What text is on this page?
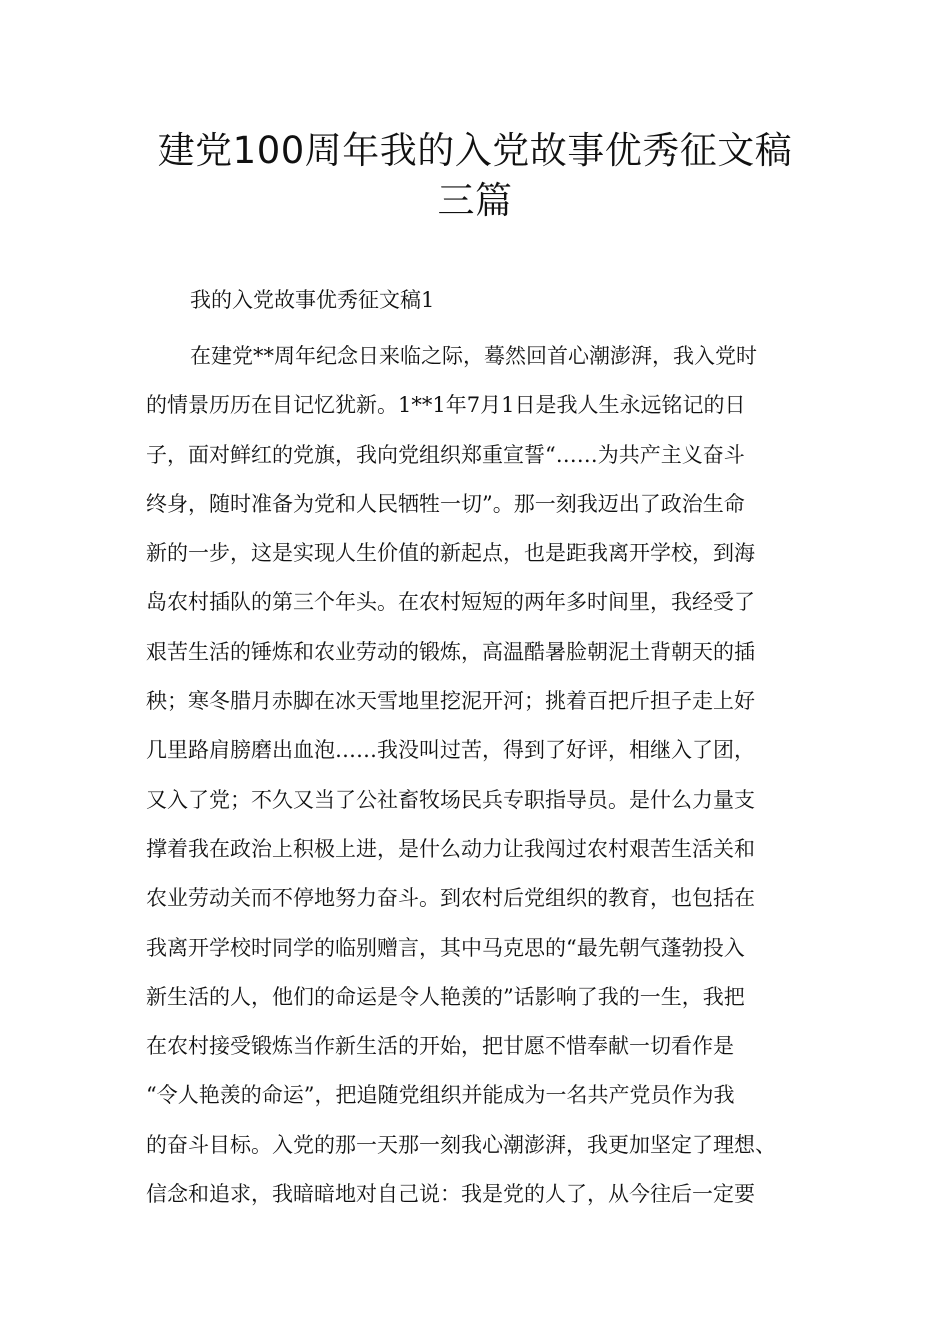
建党100周年我的入党故事优秀征文稿
三篇

我的入党故事优秀征文稿1

在建党**周年纪念日来临之际，蓦然回首心潮澎湃，我入党时
的情景历历在目记忆犹新。1**1年7月1日是我人生永远铭记的日
子，面对鲜红的党旗，我向党组织郑重宣誓“……为共产主义奋斗
终身，随时准备为党和人民牺牲一切”。那一刻我迈出了政治生命
新的一步，这是实现人生价值的新起点，也是距我离开学校，到海
岛农村插队的第三个年头。在农村短短的两年多时间里，我经受了
艰苦生活的锤炼和农业劳动的锻炼，高温酷暑脸朝泥土背朝天的插
秧；寒冬腊月赤脚在冰天雪地里挖泥开河；挑着百把斤担子走上好
几里路肩膀磨出血泡……我没叫过苦，得到了好评，相继入了团，
又入了党；不久又当了公社畜牧场民兵专职指导员。是什么力量支
撑着我在政治上积极上进，是什么动力让我闯过农村艰苦生活关和
农业劳动关而不停地努力奋斗。到农村后党组织的教育，也包括在
我离开学校时同学的临别赠言，其中马克思的“最先朝气蓬勃投入
新生活的人，他们的命运是令人艳羡的”话影响了我的一生，我把
在农村接受锻炼当作新生活的开始，把甘愿不惜奉献一切看作是
“令人艳羡的命运”，把追随党组织并能成为一名共产党员作为我
的奋斗目标。入党的那一天那一刻我心潮澎湃，我更加坚定了理想、
信念和追求，我暗暗地对自己说：我是党的人了，从今往后一定要
